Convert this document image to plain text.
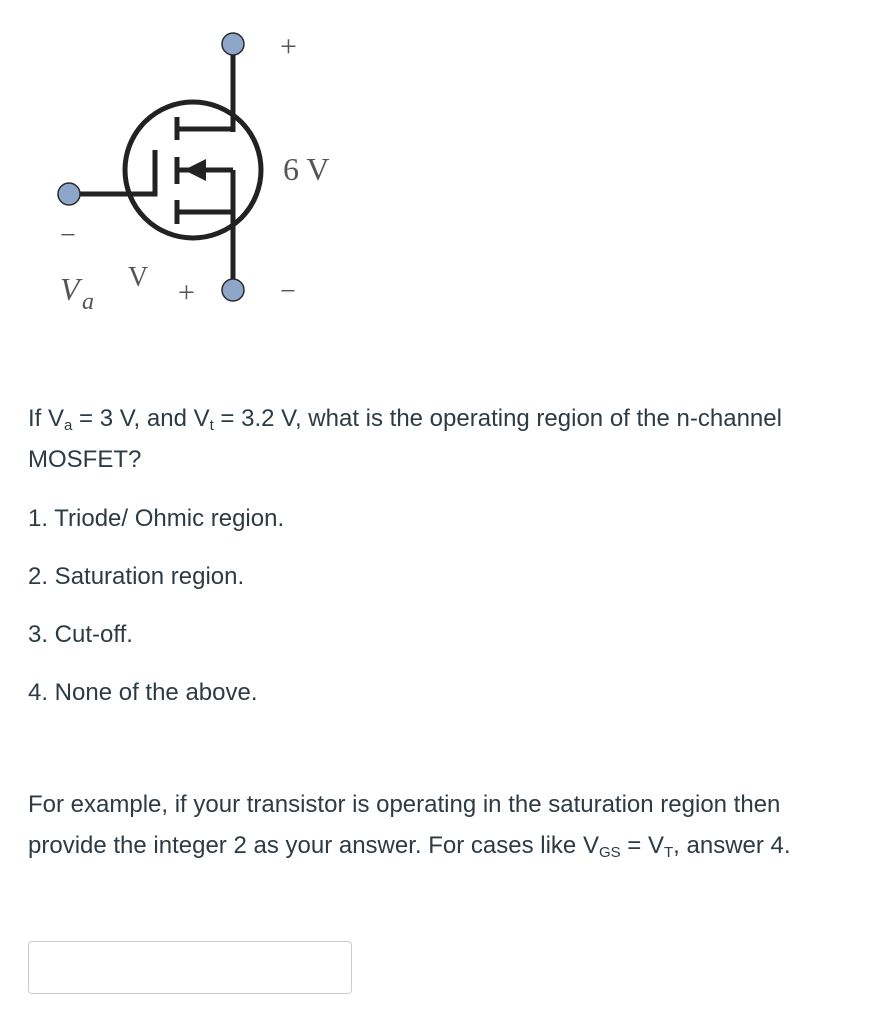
+
6 V
−
V a
V +	−

If $V_a = 3$ V, and $V_t = 3.2$ V, what is the operating region of the n-channel MOSFET?

1. Triode/ Ohmic region.
2. Saturation region.
3. Cut-off.
4. None of the above.

For example, if your transistor is operating in the saturation region then provide the integer 2 as your answer. For cases like $V_{GS} = V_T$, answer 4.
